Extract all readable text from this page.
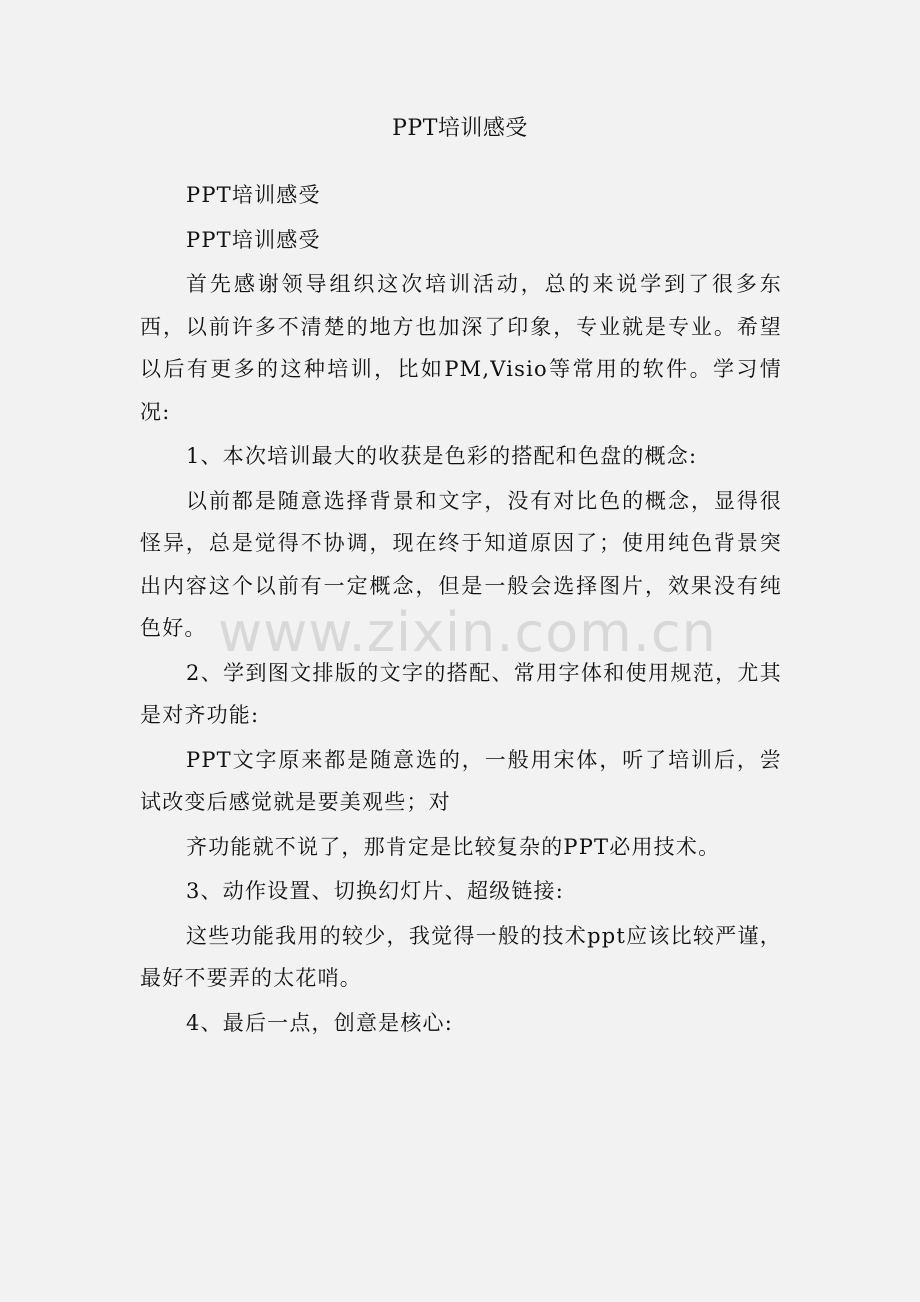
PPT培训感受

PPT培训感受

PPT培训感受

首先感谢领导组织这次培训活动，总的来说学到了很多东西，以前许多不清楚的地方也加深了印象，专业就是专业。希望以后有更多的这种培训，比如PM,Visio等常用的软件。学习情况:

1、本次培训最大的收获是色彩的搭配和色盘的概念:

以前都是随意选择背景和文字，没有对比色的概念，显得很怪异，总是觉得不协调，现在终于知道原因了；使用纯色背景突出内容这个以前有一定概念，但是一般会选择图片，效果没有纯色好。

2、学到图文排版的文字的搭配、常用字体和使用规范，尤其是对齐功能:

PPT文字原来都是随意选的，一般用宋体，听了培训后，尝试改变后感觉就是要美观些；对

齐功能就不说了，那肯定是比较复杂的PPT必用技术。

3、动作设置、切换幻灯片、超级链接:

这些功能我用的较少，我觉得一般的技术ppt应该比较严谨，最好不要弄的太花哨。

4、最后一点，创意是核心:

www.zixin.com.cn
